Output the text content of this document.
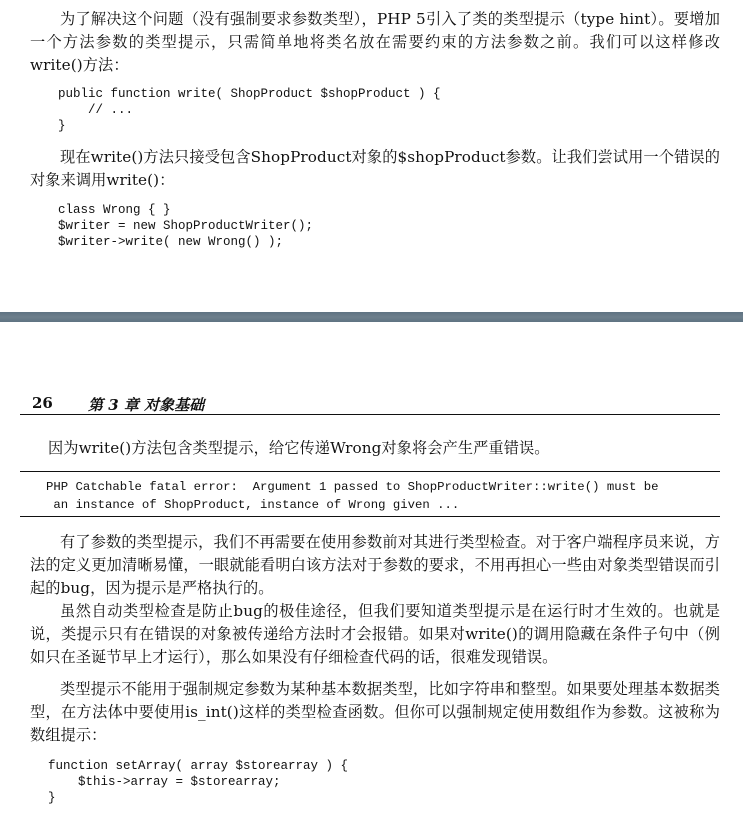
为了解决这个问题（没有强制要求参数类型），PHP 5引入了类的类型提示（type hint）。要增加一个方法参数的类型提示，只需简单地将类名放在需要约束的方法参数之前。我们可以这样修改write()方法：

public function write( ShopProduct $shopProduct ) {
// ...
}

现在write()方法只接受包含ShopProduct对象的$shopProduct参数。让我们尝试用一个错误的对象来调用write()：

class Wrong { }
$writer = new ShopProductWriter();
$writer->write( new Wrong() );
26 第 3 章 对象基础

因为write()方法包含类型提示，给它传递Wrong对象将会产生严重错误。

PHP Catchable fatal error:  Argument 1 passed to ShopProductWriter::write() must be
an instance of ShopProduct, instance of Wrong given ...

有了参数的类型提示，我们不再需要在使用参数前对其进行类型检查。对于客户端程序员来说，方法的定义更加清晰易懂，一眼就能看明白该方法对于参数的要求，不用再担心一些由对象类型错误而引起的bug，因为提示是严格执行的。

虽然自动类型检查是防止bug的极佳途径，但我们要知道类型提示是在运行时才生效的。也就是说，类提示只有在错误的对象被传递给方法时才会报错。如果对write()的调用隐藏在条件子句中（例如只在圣诞节早上才运行），那么如果没有仔细检查代码的话，很难发现错误。

类型提示不能用于强制规定参数为某种基本数据类型，比如字符串和整型。如果要处理基本数据类型，在方法体中要使用is_int()这样的类型检查函数。但你可以强制规定使用数组作为参数。这被称为数组提示：

function setArray( array $storearray ) {
$this->array = $storearray;
}
